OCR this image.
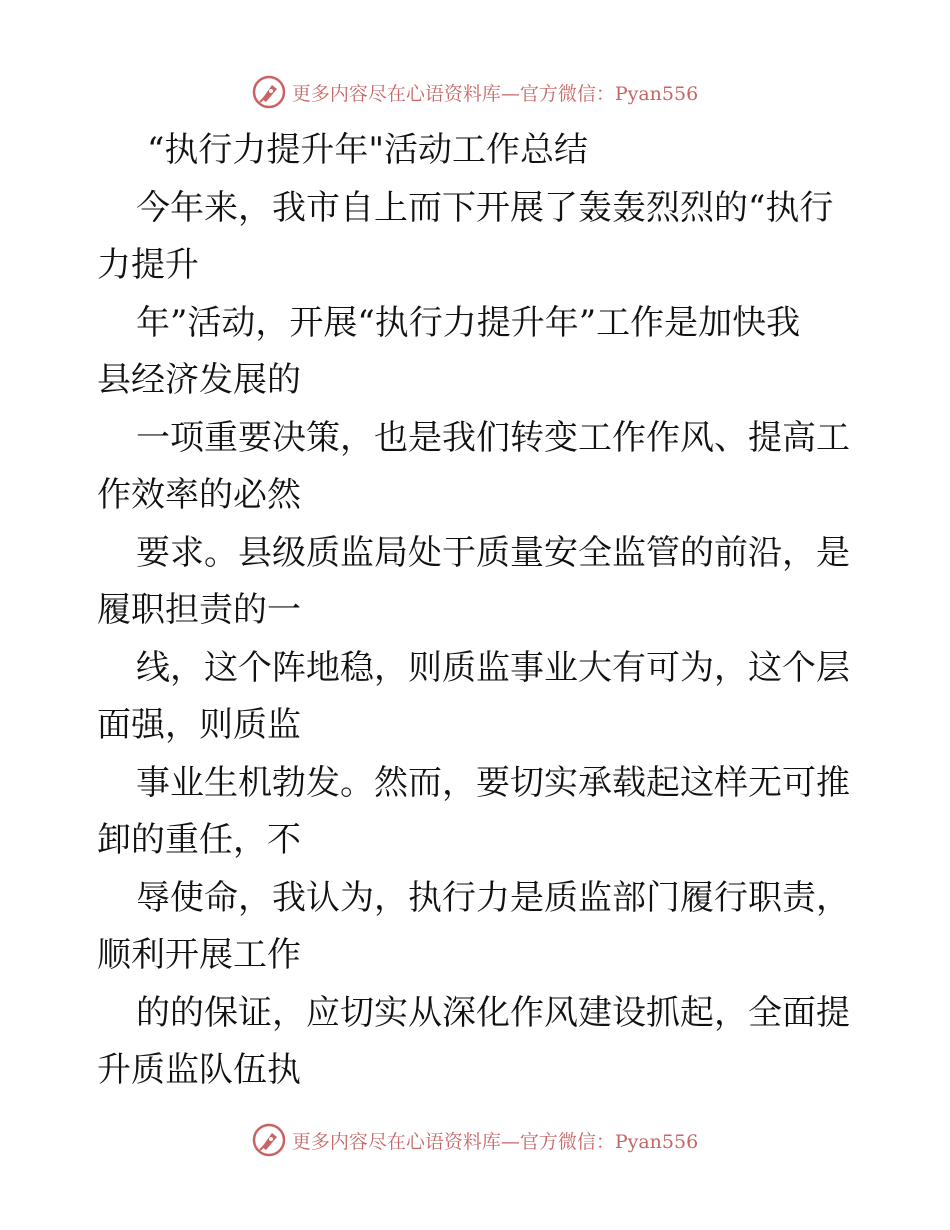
更多内容尽在心语资料库—官方微信：Pyan556
“执行力提升年"活动工作总结
今年来，我市自上而下开展了轰轰烈烈的“执行
力提升
年”活动，开展“执行力提升年”工作是加快我
县经济发展的
一项重要决策，也是我们转变工作作风、提高工
作效率的必然
要求。县级质监局处于质量安全监管的前沿，是
履职担责的一
线，这个阵地稳，则质监事业大有可为，这个层
面强，则质监
事业生机勃发。然而，要切实承载起这样无可推
卸的重任，不
辱使命，我认为，执行力是质监部门履行职责，
顺利开展工作
的的保证，应切实从深化作风建设抓起，全面提
升质监队伍执
更多内容尽在心语资料库—官方微信：Pyan556
